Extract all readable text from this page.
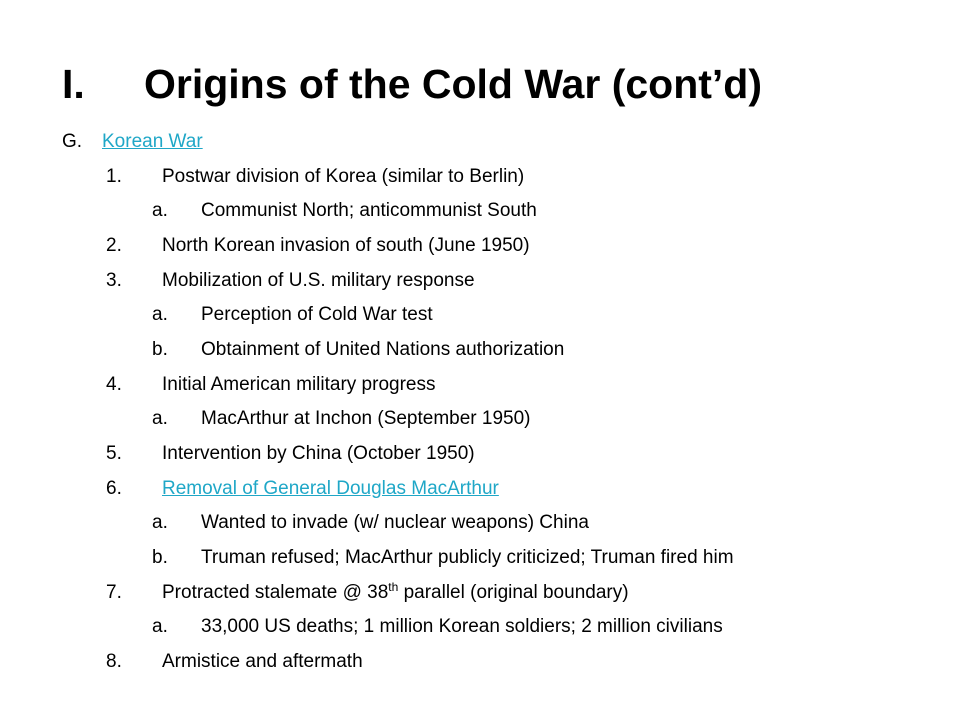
I. Origins of the Cold War (cont’d)
G. Korean War
1. Postwar division of Korea (similar to Berlin)
a. Communist North; anticommunist South
2. North Korean invasion of south (June 1950)
3. Mobilization of U.S. military response
a. Perception of Cold War test
b. Obtainment of United Nations authorization
4. Initial American military progress
a. MacArthur at Inchon (September 1950)
5. Intervention by China (October 1950)
6. Removal of General Douglas MacArthur
a. Wanted to invade (w/ nuclear weapons) China
b. Truman refused; MacArthur publicly criticized; Truman fired him
7. Protracted stalemate @ 38th parallel (original boundary)
a. 33,000 US deaths; 1 million Korean soldiers; 2 million civilians
8. Armistice and aftermath
